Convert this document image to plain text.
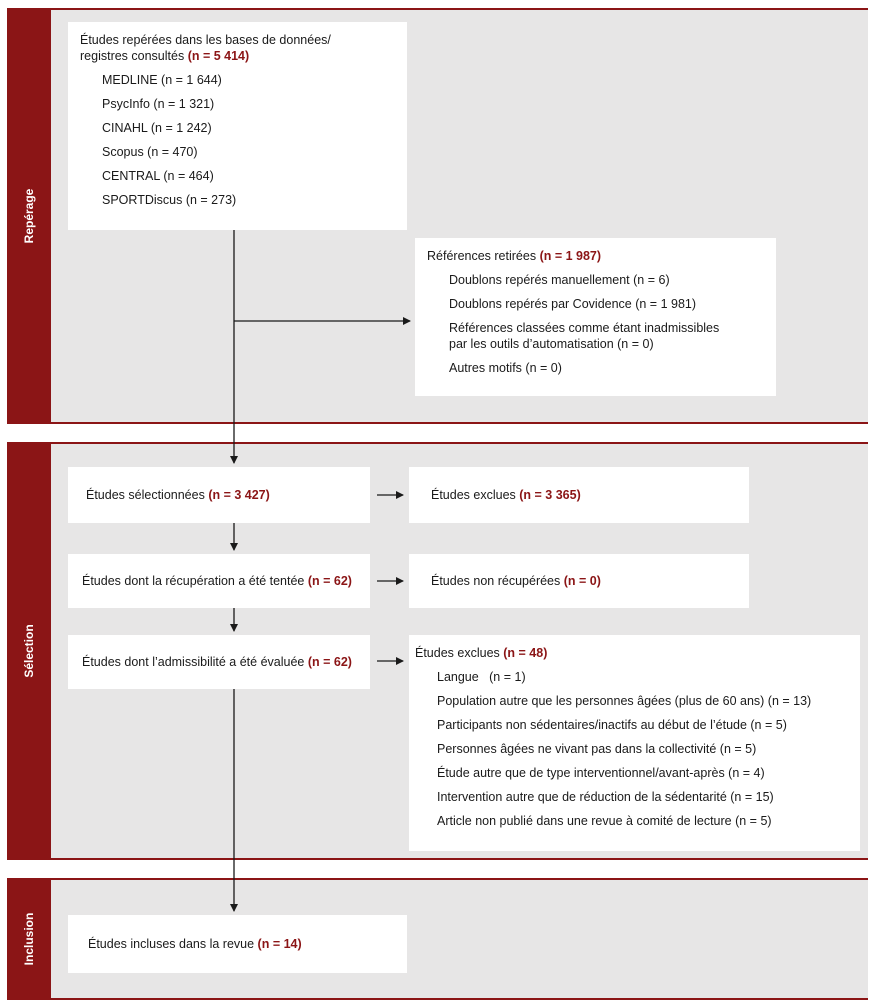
Repérage
Sélection
Inclusion
Études repérées dans les bases de données/
registres consultés (n = 5 414)
MEDLINE (n = 1 644)
PsycInfo (n = 1 321)
CINAHL (n = 1 242)
Scopus (n = 470)
CENTRAL (n = 464)
SPORTDiscus (n = 273)
Références retirées (n = 1 987)
Doublons repérés manuellement (n = 6)
Doublons repérés par Covidence (n = 1 981)
Références classées comme étant inadmissibles
par les outils d’automatisation (n = 0)
Autres motifs (n = 0)
Études sélectionnées (n = 3 427)	Études exclues (n = 3 365)
Études dont la récupération a été tentée (n = 62)	Études non récupérées (n = 0)
Études dont l’admissibilité a été évaluée (n = 62)
Études exclues (n = 48)
Langue   (n = 1)
Population autre que les personnes âgées (plus de 60 ans) (n = 13)
Participants non sédentaires/inactifs au début de l’étude (n = 5)
Personnes âgées ne vivant pas dans la collectivité (n = 5)
Étude autre que de type interventionnel/avant-après (n = 4)
Intervention autre que de réduction de la sédentarité (n = 15)
Article non publié dans une revue à comité de lecture (n = 5)
Études incluses dans la revue (n = 14)
